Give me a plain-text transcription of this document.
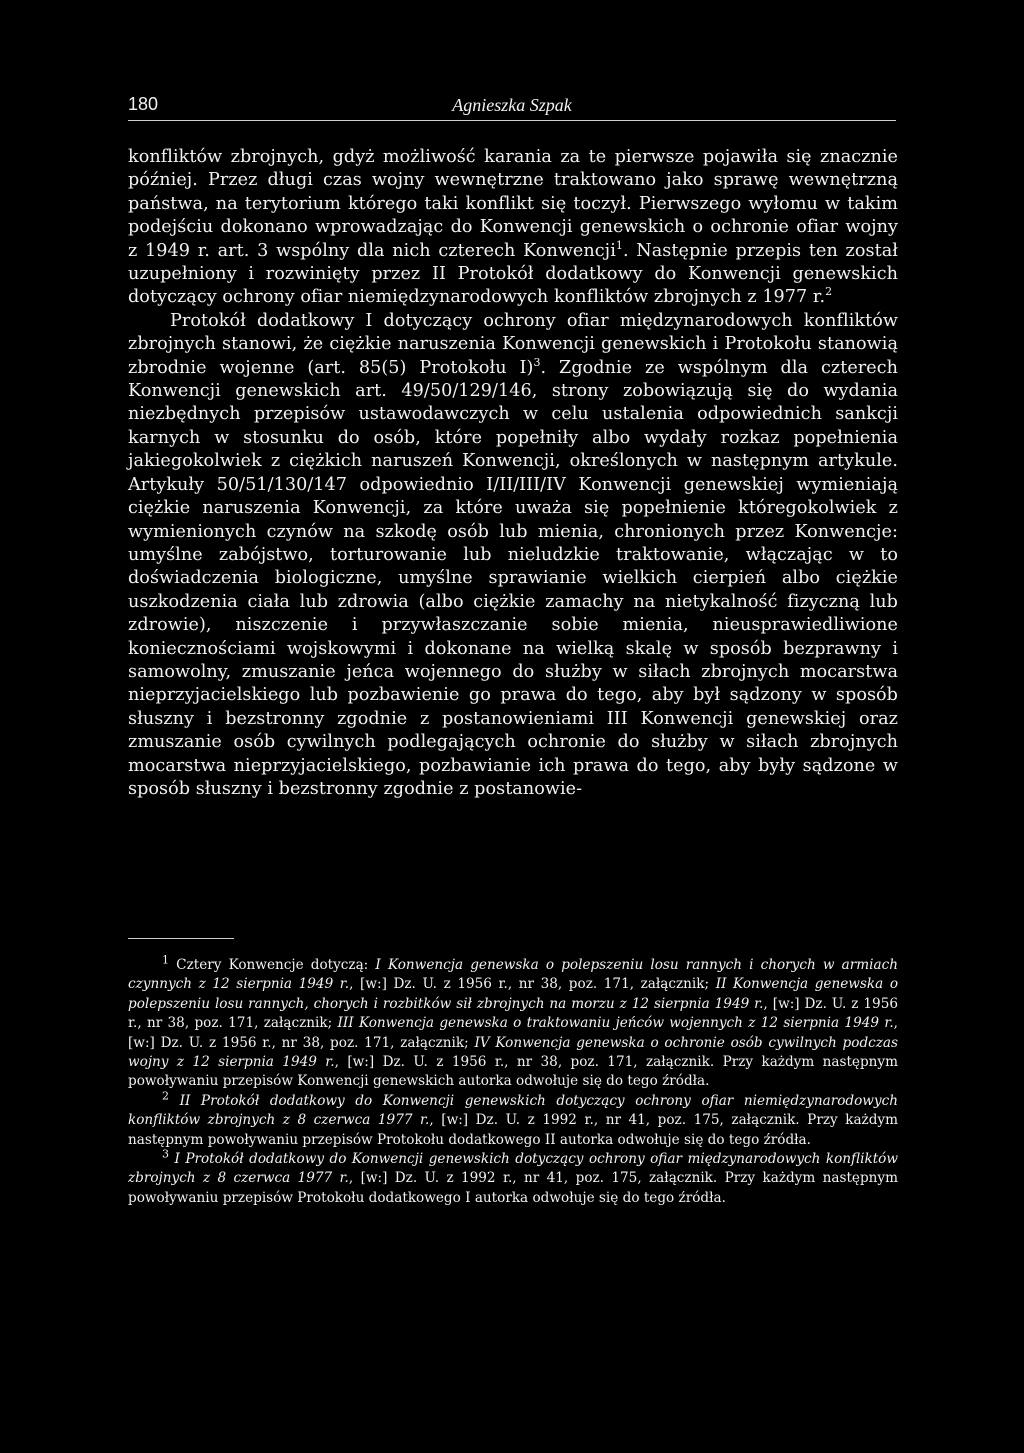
180	Agnieszka Szpak

konfliktów zbrojnych, gdyż możliwość karania za te pierwsze pojawiła się znacznie później. Przez długi czas wojny wewnętrzne traktowano jako sprawę wewnętrzną państwa, na terytorium którego taki konflikt się toczył. Pierwszego wyłomu w takim podejściu dokonano wprowadzając do Konwencji genewskich o ochronie ofiar wojny z 1949 r. art. 3 wspólny dla nich czterech Konwencji$^1$. Następnie przepis ten został uzupełniony i rozwinięty przez II Protokół dodatkowy do Konwencji genewskich dotyczący ochrony ofiar niemiędzynarodowych konfliktów zbrojnych z 1977 r.$^2$

Protokół dodatkowy I dotyczący ochrony ofiar międzynarodowych konfliktów zbrojnych stanowi, że ciężkie naruszenia Konwencji genewskich i Protokołu stanowią zbrodnie wojenne (art. 85(5) Protokołu I)$^3$. Zgodnie ze wspólnym dla czterech Konwencji genewskich art. 49/50/129/146, strony zobowiązują się do wydania niezbędnych przepisów ustawodawczych w celu ustalenia odpowiednich sankcji karnych w stosunku do osób, które popełniły albo wydały rozkaz popełnienia jakiegokolwiek z ciężkich naruszeń Konwencji, określonych w następnym artykule. Artykuły 50/51/130/147 odpowiednio I/II/III/IV Konwencji genewskiej wymieniają ciężkie naruszenia Konwencji, za które uważa się popełnienie któregokolwiek z wymienionych czynów na szkodę osób lub mienia, chronionych przez Konwencje: umyślne zabójstwo, torturowanie lub nieludzkie traktowanie, włączając w to doświadczenia biologiczne, umyślne sprawianie wielkich cierpień albo ciężkie uszkodzenia ciała lub zdrowia (albo ciężkie zamachy na nietykalność fizyczną lub zdrowie), niszczenie i przywłaszczanie sobie mienia, nieusprawiedliwione koniecznościami wojskowymi i dokonane na wielką skalę w sposób bezprawny i samowolny, zmuszanie jeńca wojennego do służby w siłach zbrojnych mocarstwa nieprzyjacielskiego lub pozbawienie go prawa do tego, aby był sądzony w sposób słuszny i bezstronny zgodnie z postanowieniami III Konwencji genewskiej oraz zmuszanie osób cywilnych podlegających ochronie do służby w siłach zbrojnych mocarstwa nieprzyjacielskiego, pozbawianie ich prawa do tego, aby były sądzone w sposób słuszny i bezstronny zgodnie z postanowie-

$^1$ Cztery Konwencje dotyczą: I Konwencja genewska o polepszeniu losu rannych i chorych w armiach czynnych z 12 sierpnia 1949 r., [w:] Dz. U. z 1956 r., nr 38, poz. 171, załącznik; II Konwencja genewska o polepszeniu losu rannych, chorych i rozbitków sił zbrojnych na morzu z 12 sierpnia 1949 r., [w:] Dz. U. z 1956 r., nr 38, poz. 171, załącznik; III Konwencja genewska o traktowaniu jeńców wojennych z 12 sierpnia 1949 r., [w:] Dz. U. z 1956 r., nr 38, poz. 171, załącznik; IV Konwencja genewska o ochronie osób cywilnych podczas wojny z 12 sierpnia 1949 r., [w:] Dz. U. z 1956 r., nr 38, poz. 171, załącznik. Przy każdym następnym powoływaniu przepisów Konwencji genewskich autorka odwołuje się do tego źródła.

$^2$ II Protokół dodatkowy do Konwencji genewskich dotyczący ochrony ofiar niemiędzynarodowych konfliktów zbrojnych z 8 czerwca 1977 r., [w:] Dz. U. z 1992 r., nr 41, poz. 175, załącznik. Przy każdym następnym powoływaniu przepisów Protokołu dodatkowego II autorka odwołuje się do tego źródła.

$^3$ I Protokół dodatkowy do Konwencji genewskich dotyczący ochrony ofiar międzynarodowych konfliktów zbrojnych z 8 czerwca 1977 r., [w:] Dz. U. z 1992 r., nr 41, poz. 175, załącznik. Przy każdym następnym powoływaniu przepisów Protokołu dodatkowego I autorka odwołuje się do tego źródła.
